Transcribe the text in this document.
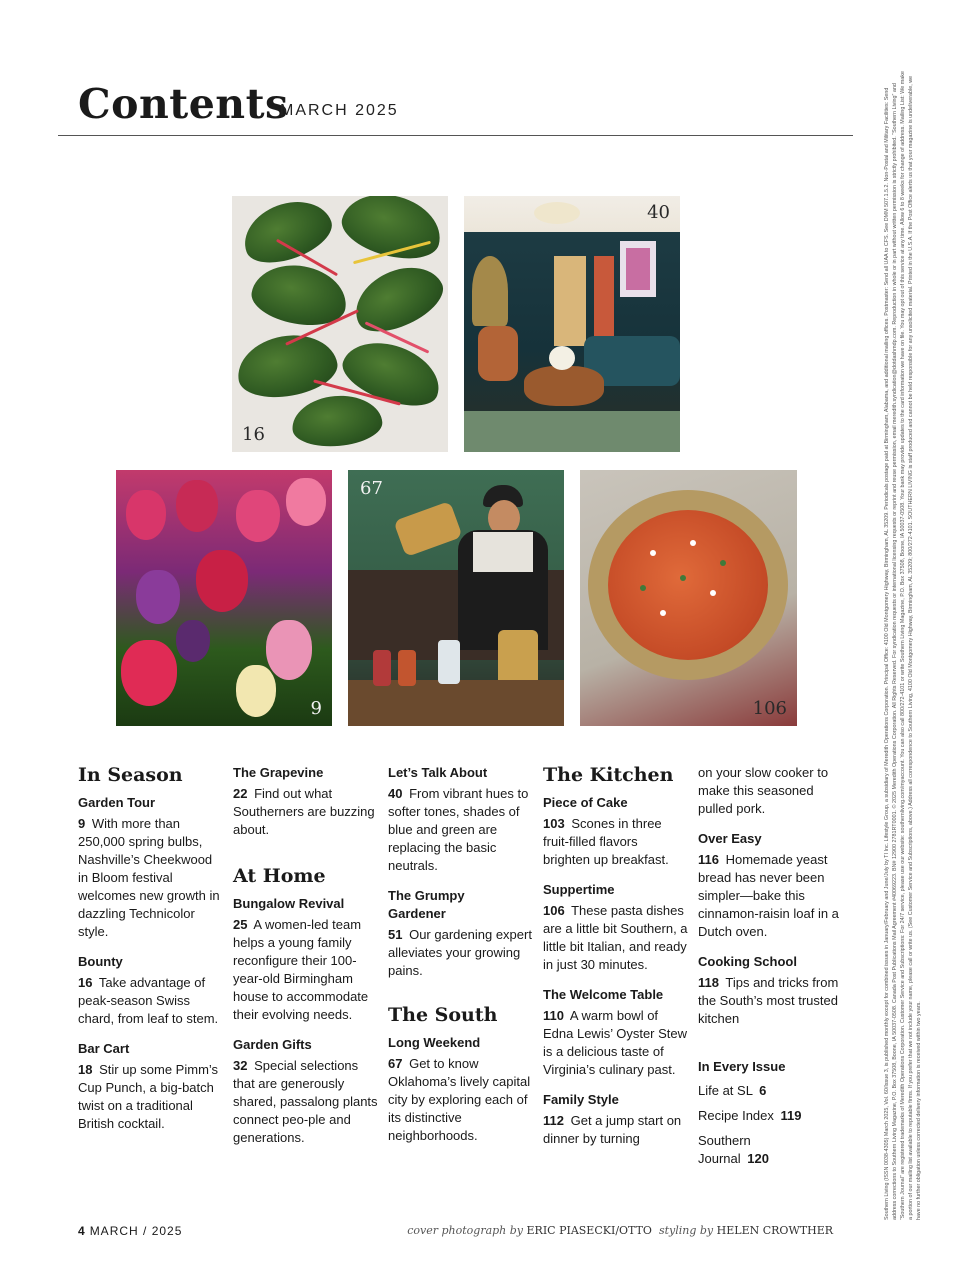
Contents
MARCH 2025
16
40
9
67
106
In Season
Garden Tour
9 With more than 250,000 spring bulbs, Nashville’s Cheekwood in Bloom festival welcomes new growth in dazzling Technicolor style.
Bounty
16 Take advantage of peak-season Swiss chard, from leaf to stem.
Bar Cart
18 Stir up some Pimm’s Cup Punch, a big-batch twist on a traditional British cocktail.
The Grapevine
22 Find out what Southerners are buzzing about.
At Home
Bungalow Revival
25 A women-led team helps a young family reconfigure their 100-year-old Birmingham house to accommodate their evolving needs.
Garden Gifts
32 Special selections that are generously shared, passalong plants connect peo-ple and generations.
Let’s Talk About
40 From vibrant hues to softer tones, shades of blue and green are replacing the basic neutrals.
The Grumpy Gardener
51 Our gardening expert alleviates your growing pains.
The South
Long Weekend
67 Get to know Oklahoma’s lively capital city by exploring each of its distinctive neighborhoods.
The Kitchen
Piece of Cake
103 Scones in three fruit-filled flavors brighten up breakfast.
Suppertime
106 These pasta dishes are a little bit Southern, a little bit Italian, and ready in just 30 minutes.
The Welcome Table
110 A warm bowl of Edna Lewis’ Oyster Stew is a delicious taste of Virginia’s culinary past.
Family Style
112 Get a jump start on dinner by turning
on your slow cooker to make this seasoned pulled pork.
Over Easy
116 Homemade yeast bread has never been simpler—bake this cinnamon-raisin loaf in a Dutch oven.
Cooking School
118 Tips and tricks from the South’s most trusted kitchen
In Every Issue
Life at SL 6
Recipe Index 119
Southern Journal 120
4 MARCH / 2025	cover photograph by ERIC PIASECKI/OTTO styling by HELEN CROWTHER
Southern Living (ISSN 0038-4305) March 2025, Vol. 60/Issue 3, is published monthly except for combined issues in January/February and June/July by TI Inc. Lifestyle Group, a subsidiary of Meredith Operations Corporation. Principal Office: 4100 Old Montgomery Highway, Birmingham, AL 35209. Periodicals postage paid at Birmingham, Alabama, and additional mailing offices. Postmaster: Send all UAA to CFS. See DMM 507.1.5.2. Non-Postal and Military Facilities: Send address corrections to Southern Living Magazine, P.O. Box 37508, Boone, IA 50037-0508. Canada Post Publications Mail Agreement #40069223. BN# 12900 2781RT0001. © 2025 Meredith Operations Corporation. All Rights Reserved. For syndication requests or international licensing requests or reprint and reuse permission, email meredith.syndication@dotdashmdp.com. Reproduction in whole or in part without written permission is strictly prohibited. “Southern Living” and “Southern Journal” are registered trademarks of Meredith Operations Corporation. Customer Service and Subscriptions: For 24/7 service, please use our website: southernliving.com/myaccount. You can also call 800/272-4101 or write Southern Living Magazine, P.O. Box 37508, Boone, IA 50037-0508. Your bank may provide updates to the card information we have on file. You may opt out of this service at any time. Allow 6 to 8 weeks for change of address. Mailing List: We make a portion of our mailing list available to reputable firms. If you prefer that we not include your name, please call or write us. (See Customer Service and Subscriptions, above.) Address all correspondence to Southern Living, 4100 Old Montgomery Highway, Birmingham, AL 35209; 800/272-4101. SOUTHERN LIVING is staff produced and cannot be held responsible for any unsolicited material. Printed in the U.S.A. If the Post Office alerts us that your magazine is undeliverable, we have no further obligation unless corrected delivery information is received within two years.
